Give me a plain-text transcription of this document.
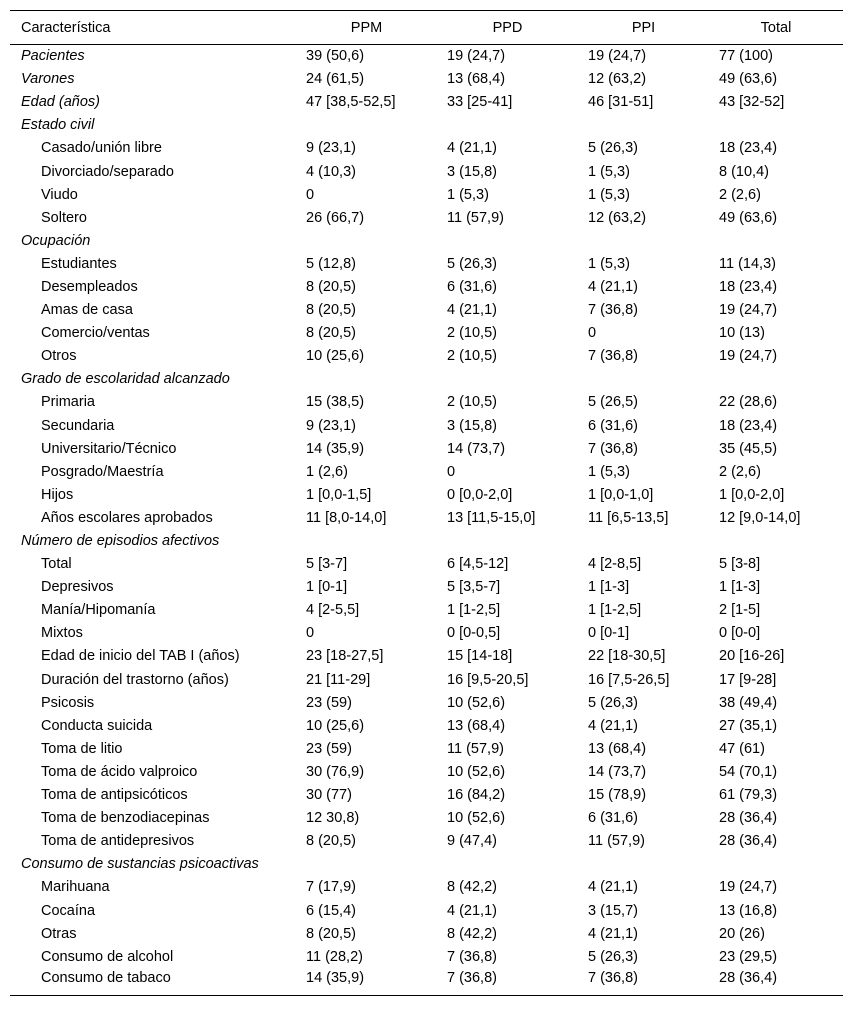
Característica	PPM	PPD	PPI	Total
Pacientes	39 (50,6)	19 (24,7)	19 (24,7)	77 (100)
Varones	24 (61,5)	13 (68,4)	12 (63,2)	49 (63,6)
Edad (años)	47 [38,5-52,5]	33 [25-41]	46 [31-51]	43 [32-52]
Estado civil				
Casado/unión libre	9 (23,1)	4 (21,1)	5 (26,3)	18 (23,4)
Divorciado/separado	4 (10,3)	3 (15,8)	1 (5,3)	8 (10,4)
Viudo	0	1 (5,3)	1 (5,3)	2 (2,6)
Soltero	26 (66,7)	11 (57,9)	12 (63,2)	49 (63,6)
Ocupación				
Estudiantes	5 (12,8)	5 (26,3)	1 (5,3)	11 (14,3)
Desempleados	8 (20,5)	6 (31,6)	4 (21,1)	18 (23,4)
Amas de casa	8 (20,5)	4 (21,1)	7 (36,8)	19 (24,7)
Comercio/ventas	8 (20,5)	2 (10,5)	0	10 (13)
Otros	10 (25,6)	2 (10,5)	7 (36,8)	19 (24,7)
Grado de escolaridad alcanzado				
Primaria	15 (38,5)	2 (10,5)	5 (26,5)	22 (28,6)
Secundaria	9 (23,1)	3 (15,8)	6 (31,6)	18 (23,4)
Universitario/Técnico	14 (35,9)	14 (73,7)	7 (36,8)	35 (45,5)
Posgrado/Maestría	1 (2,6)	0	1 (5,3)	2 (2,6)
Hijos	1 [0,0-1,5]	0 [0,0-2,0]	1 [0,0-1,0]	1 [0,0-2,0]
Años escolares aprobados	11 [8,0-14,0]	13 [11,5-15,0]	11 [6,5-13,5]	12 [9,0-14,0]
Número de episodios afectivos				
Total	5 [3-7]	6 [4,5-12]	4 [2-8,5]	5 [3-8]
Depresivos	1 [0-1]	5 [3,5-7]	1 [1-3]	1 [1-3]
Manía/Hipomanía	4 [2-5,5]	1 [1-2,5]	1 [1-2,5]	2 [1-5]
Mixtos	0	0 [0-0,5]	0 [0-1]	0 [0-0]
Edad de inicio del TAB I (años)	23 [18-27,5]	15 [14-18]	22 [18-30,5]	20 [16-26]
Duración del trastorno (años)	21 [11-29]	16 [9,5-20,5]	16 [7,5-26,5]	17 [9-28]
Psicosis	23 (59)	10 (52,6)	5 (26,3)	38 (49,4)
Conducta suicida	10 (25,6)	13 (68,4)	4 (21,1)	27 (35,1)
Toma de litio	23 (59)	11 (57,9)	13 (68,4)	47 (61)
Toma de ácido valproico	30 (76,9)	10 (52,6)	14 (73,7)	54 (70,1)
Toma de antipsicóticos	30 (77)	16 (84,2)	15 (78,9)	61 (79,3)
Toma de benzodiacepinas	12 30,8)	10 (52,6)	6 (31,6)	28 (36,4)
Toma de antidepresivos	8 (20,5)	9 (47,4)	11 (57,9)	28 (36,4)
Consumo de sustancias psicoactivas				
Marihuana	7 (17,9)	8 (42,2)	4 (21,1)	19 (24,7)
Cocaína	6 (15,4)	4 (21,1)	3 (15,7)	13 (16,8)
Otras	8 (20,5)	8 (42,2)	4 (21,1)	20 (26)
Consumo de alcohol	11 (28,2)	7 (36,8)	5 (26,3)	23 (29,5)
Consumo de tabaco	14 (35,9)	7 (36,8)	7 (36,8)	28 (36,4)
